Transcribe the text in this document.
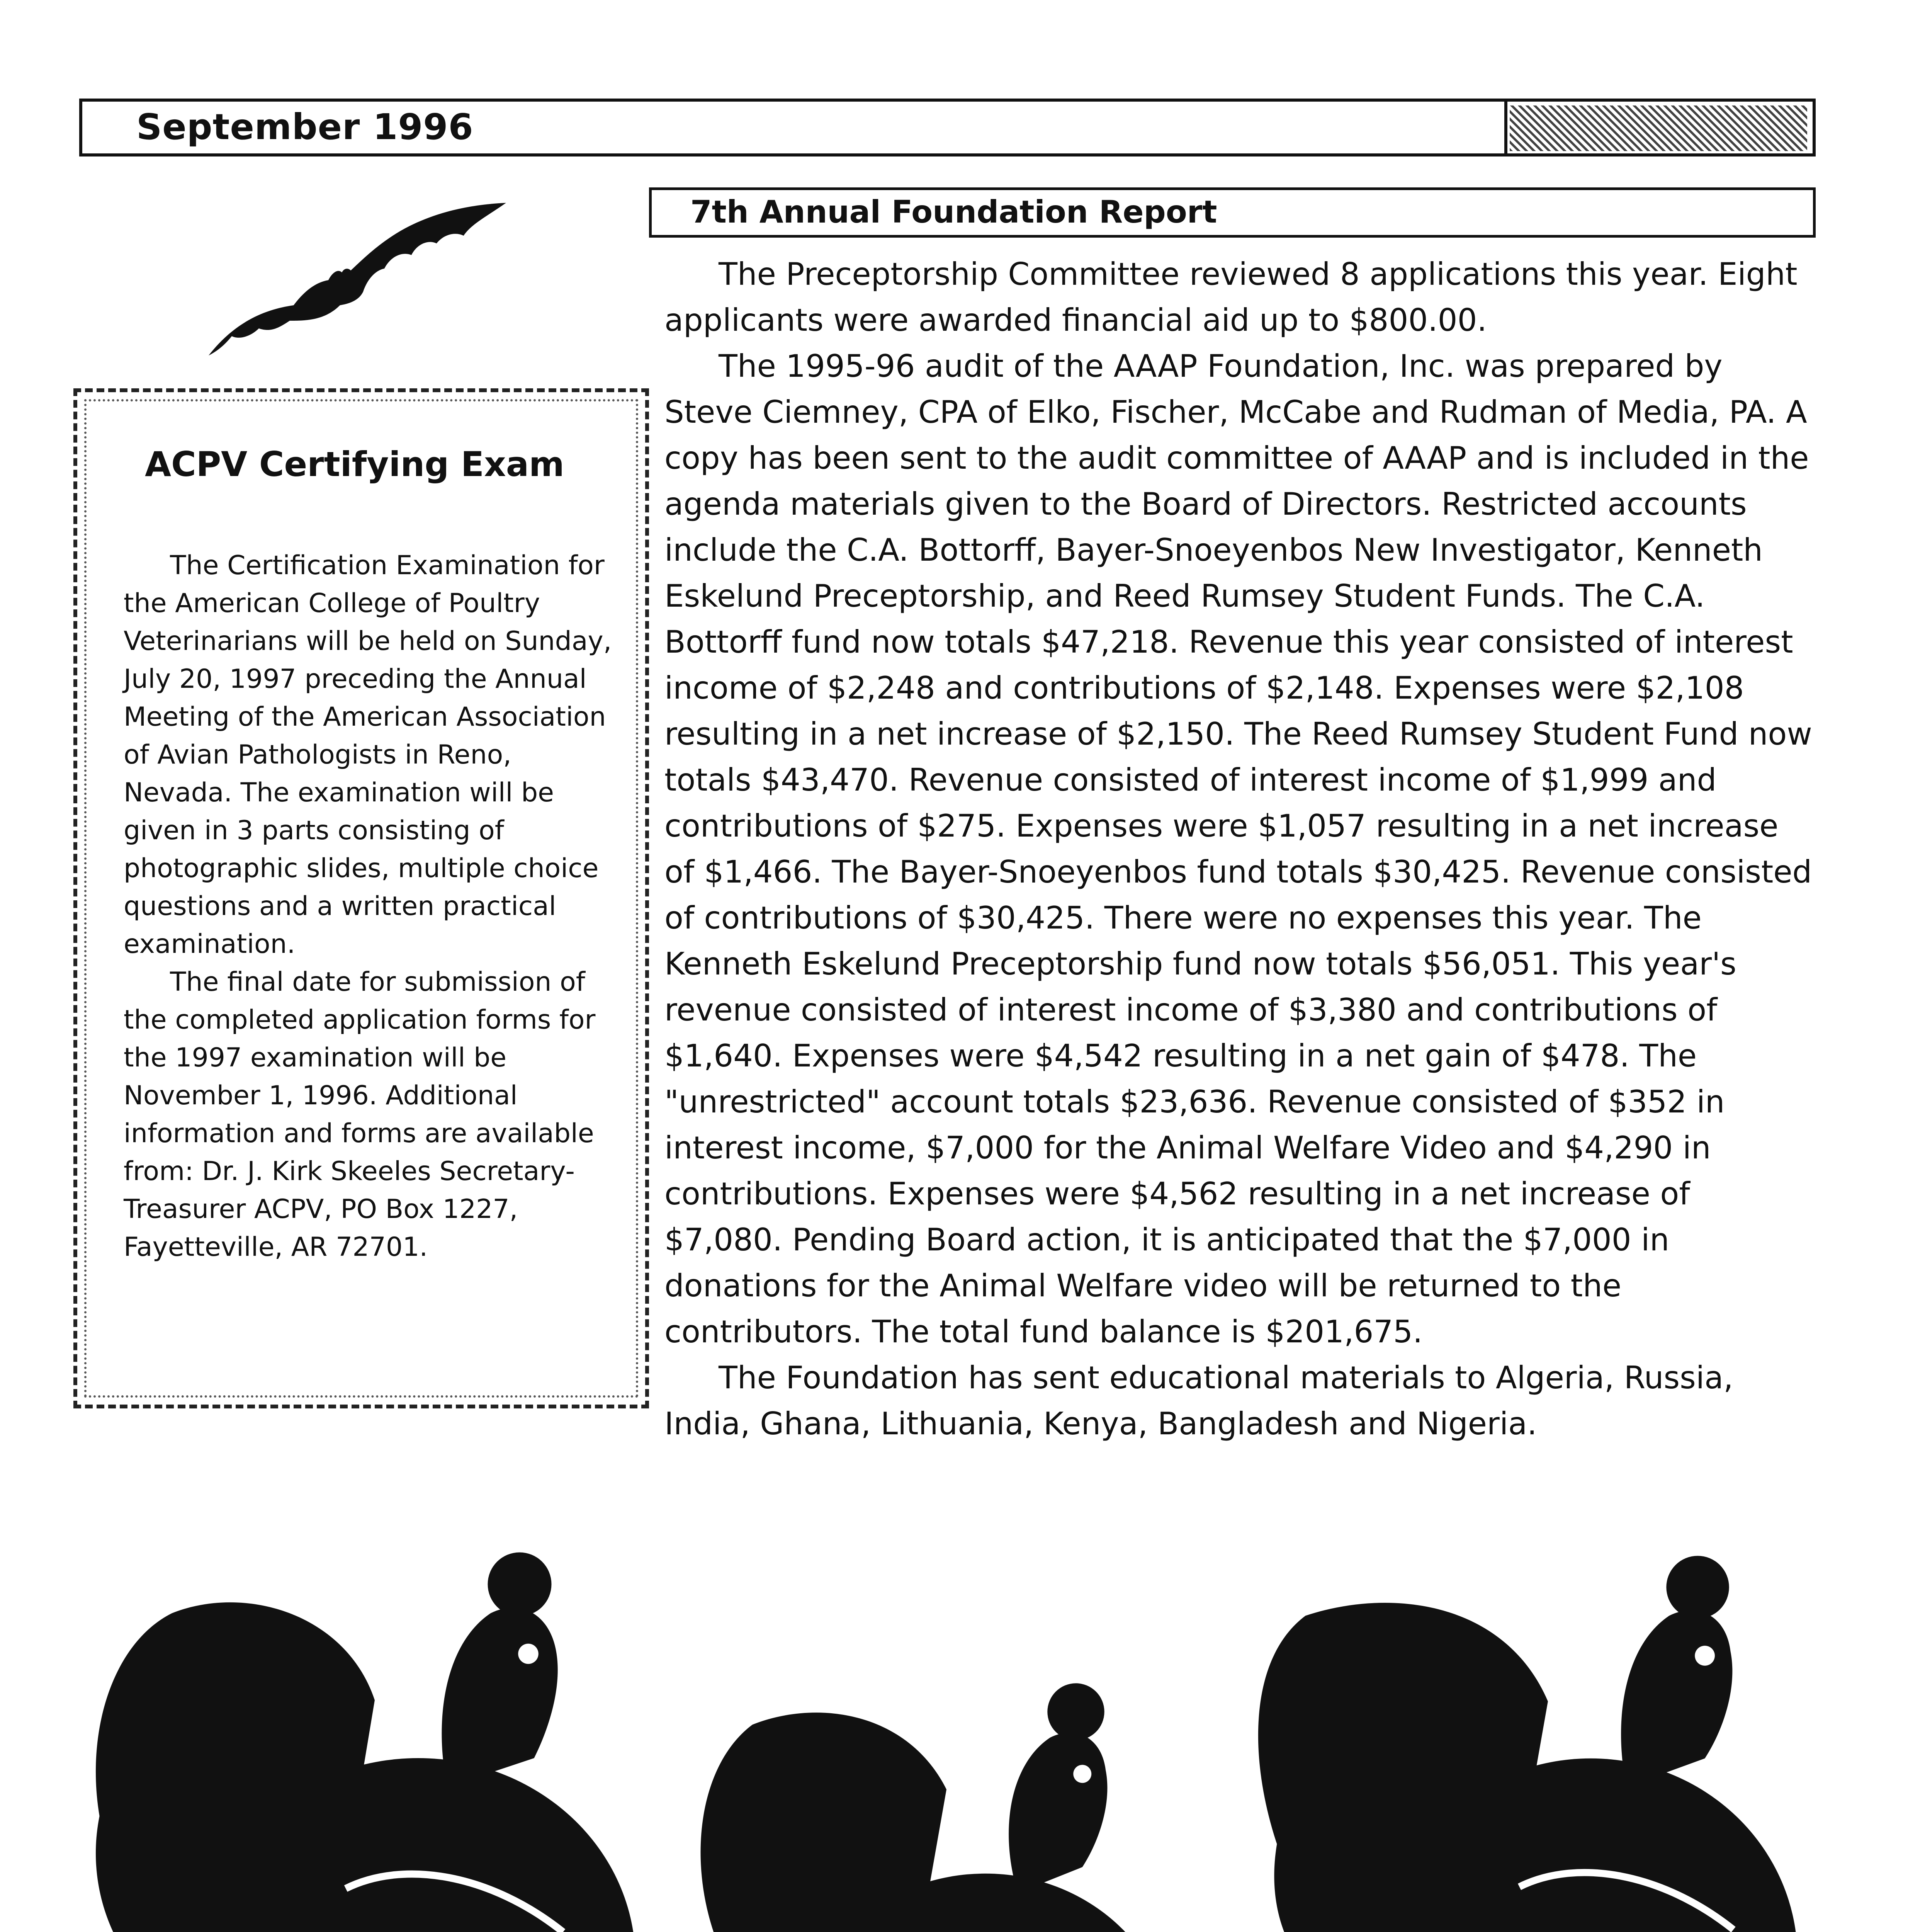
September 1996
ACPV Certifying Exam

The Certification Examination for the American College of Poultry Veterinarians will be held on Sunday, July 20, 1997 preceding the Annual Meeting of the American Association of Avian Pathologists in Reno, Nevada. The examination will be given in 3 parts consisting of photographic slides, multiple choice questions and a written practical examination.

The final date for submission of the completed application forms for the 1997 examination will be November 1, 1996. Additional information and forms are available from: Dr. J. Kirk Skeeles Secretary-Treasurer ACPV, PO Box 1227, Fayetteville, AR 72701.

7th Annual Foundation Report

The Preceptorship Committee reviewed 8 applications this year. Eight applicants were awarded financial aid up to $800.00.

The 1995-96 audit of the AAAP Foundation, Inc. was prepared by Steve Ciemney, CPA of Elko, Fischer, McCabe and Rudman of Media, PA. A copy has been sent to the audit committee of AAAP and is included in the agenda materials given to the Board of Directors. Restricted accounts include the C.A. Bottorff, Bayer-Snoeyenbos New Investigator, Kenneth Eskelund Preceptorship, and Reed Rumsey Student Funds. The C.A. Bottorff fund now totals $47,218. Revenue this year consisted of interest income of $2,248 and contributions of $2,148. Expenses were $2,108 resulting in a net increase of $2,150. The Reed Rumsey Student Fund now totals $43,470. Revenue consisted of interest income of $1,999 and contributions of $275. Expenses were $1,057 resulting in a net increase of $1,466. The Bayer-Snoeyenbos fund totals $30,425. Revenue consisted of contributions of $30,425. There were no expenses this year. The Kenneth Eskelund Preceptorship fund now totals $56,051. This year's revenue consisted of interest income of $3,380 and contributions of $1,640. Expenses were $4,542 resulting in a net gain of $478. The "unrestricted" account totals $23,636. Revenue consisted of $352 in interest income, $7,000 for the Animal Welfare Video and $4,290 in contributions. Expenses were $4,562 resulting in a net increase of $7,080. Pending Board action, it is anticipated that the $7,000 in donations for the Animal Welfare video will be returned to the contributors. The total fund balance is $201,675.

The Foundation has sent educational materials to Algeria, Russia, India, Ghana, Lithuania, Kenya, Bangladesh and Nigeria.
